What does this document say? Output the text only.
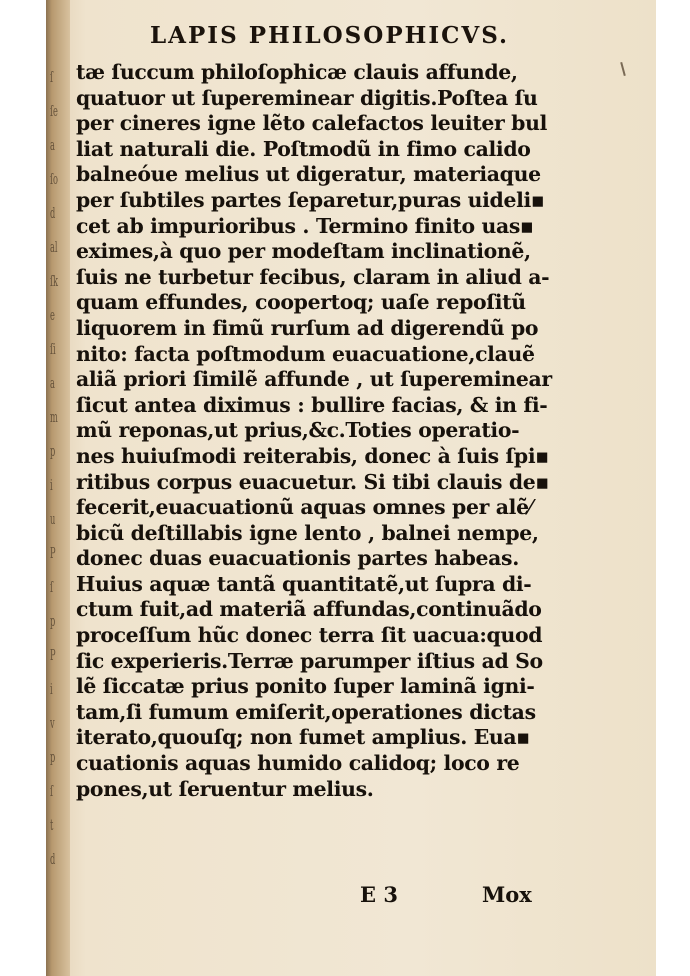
ſ
ſe
a
ſo
d
al
ſk
e
ſi
a
m
p
i
u
P
ſ
p
P
i
v
p
ſ
t
d
LAPIS PHILOSOPHICVS.
tæ ſuccum philoſophicæ clauis affunde,
quatuor ut ſupereminear digitis.Poſtea ſu
per cineres igne lẽto calefactos leuiter bul
liat naturali die. Poſtmodũ in fimo calido
balneóue melius ut digeratur, materiaque
per ſubtiles partes ſeparetur,puras uideli▪
cet ab impurioribus . Termino finito uas▪
eximes,à quo per modeſtam inclinationẽ,
ſuis ne turbetur fecibus, claram in aliud a-
quam effundes, coopertoq; uaſe repoſitũ
liquorem in fimũ rurſum ad digerendũ po
nito: facta poſtmodum euacuatione,clauẽ
aliã priori ſimilẽ affunde , ut ſupereminear
ſicut antea diximus : bullire facias, & in fi-
mũ reponas,ut prius,&c.Toties operatio-
nes huiuſmodi reiterabis, donec à ſuis ſpi▪
ritibus corpus euacuetur. Si tibi clauis de▪
fecerit,euacuationũ aquas omnes per alẽ⁄
bicũ deſtillabis igne lento , balnei nempe,
donec duas euacuationis partes habeas.
Huius aquæ tantã quantitatẽ,ut ſupra di-
ctum fuit,ad materiã affundas,continuãdo
proceſſum hũc donec terra ſit uacua:quod
ſic experieris.Terræ parumper iſtius ad So
lẽ ſiccatæ prius ponito ſuper laminã igni-
tam,ſi fumum emiſerit,operationes dictas
iterato,quouſq; non fumet amplius. Eua▪
cuationis aquas humido calidoq; loco re
pones,ut ſeruentur melius.
E 3	Mox
